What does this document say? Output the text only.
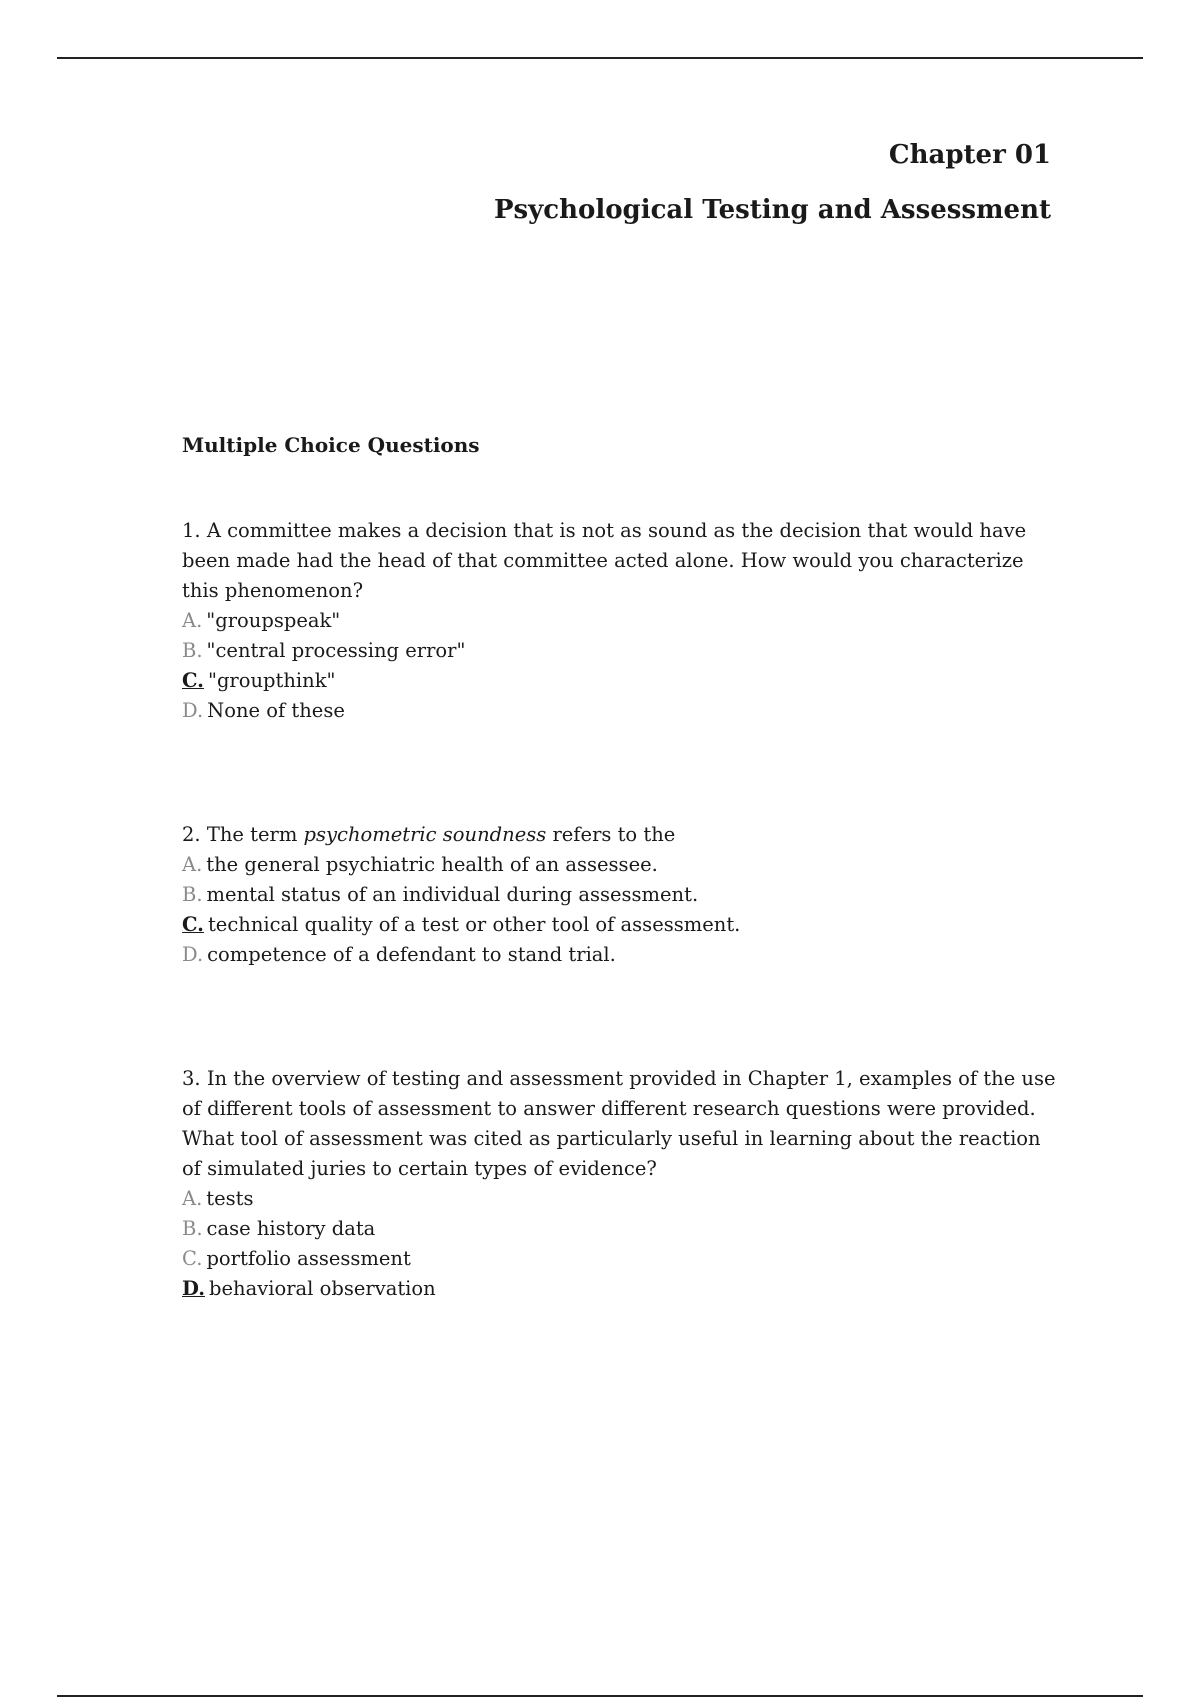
Chapter 01
Psychological Testing and Assessment
Multiple Choice Questions

1. A committee makes a decision that is not as sound as the decision that would have been made had the head of that committee acted alone. How would you characterize this phenomenon?

A. "groupspeak"
B. "central processing error"
C. "groupthink"
D. None of these

2. The term psychometric soundness refers to the

A. the general psychiatric health of an assessee.
B. mental status of an individual during assessment.
C. technical quality of a test or other tool of assessment.
D. competence of a defendant to stand trial.

3. In the overview of testing and assessment provided in Chapter 1, examples of the use of different tools of assessment to answer different research questions were provided. What tool of assessment was cited as particularly useful in learning about the reaction of simulated juries to certain types of evidence?

A. tests
B. case history data
C. portfolio assessment
D. behavioral observation
